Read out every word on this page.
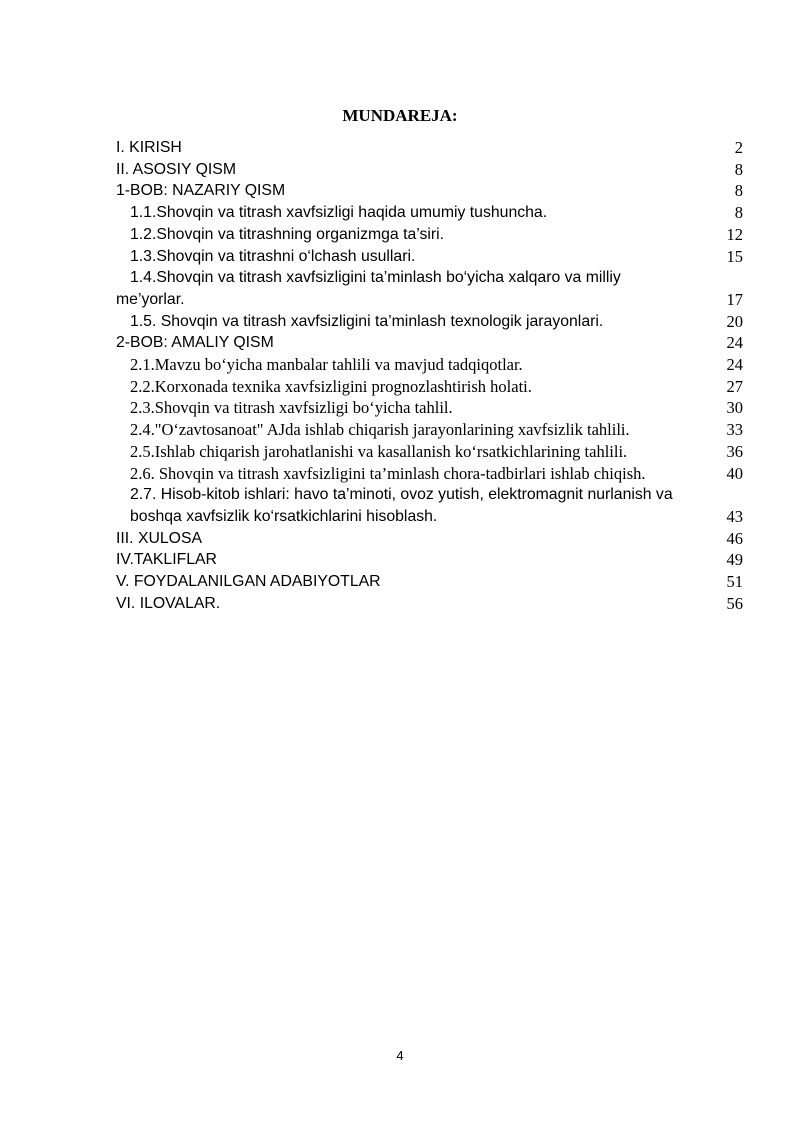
MUNDAREJA:
I. KIRISH	2
II. ASOSIY QISM	8
1-BOB: NAZARIY QISM	8
1.1.Shovqin va titrash xavfsizligi haqida umumiy tushuncha.	8
1.2.Shovqin va titrashning organizmga ta’siri.	12
1.3.Shovqin va titrashni o‘lchash usullari.	15
1.4.Shovqin va titrash xavfsizligini ta’minlash bo‘yicha xalqaro va milliy
me’yorlar.	17
1.5. Shovqin va titrash xavfsizligini ta’minlash texnologik jarayonlari.	20
2-BOB: AMALIY QISM	24
2.1.Mavzu bo‘yicha manbalar tahlili va mavjud tadqiqotlar.	24
2.2.Korxonada texnika xavfsizligini prognozlashtirish holati.	27
2.3.Shovqin va titrash xavfsizligi bo‘yicha tahlil.	30
2.4."O‘zavtosanoat" AJda ishlab chiqarish jarayonlarining xavfsizlik tahlili.	33
2.5.Ishlab chiqarish jarohatlanishi va kasallanish ko‘rsatkichlarining tahlili.	36
2.6. Shovqin va titrash xavfsizligini ta’minlash chora-tadbirlari ishlab chiqish.	40
2.7. Hisob-kitob ishlari: havo ta’minoti, ovoz yutish, elektromagnit nurlanish va
boshqa xavfsizlik ko‘rsatkichlarini hisoblash.	43
III. XULOSA	46
IV.TAKLIFLAR	49
V. FOYDALANILGAN ADABIYOTLAR	51
VI. ILOVALAR.	56
4
